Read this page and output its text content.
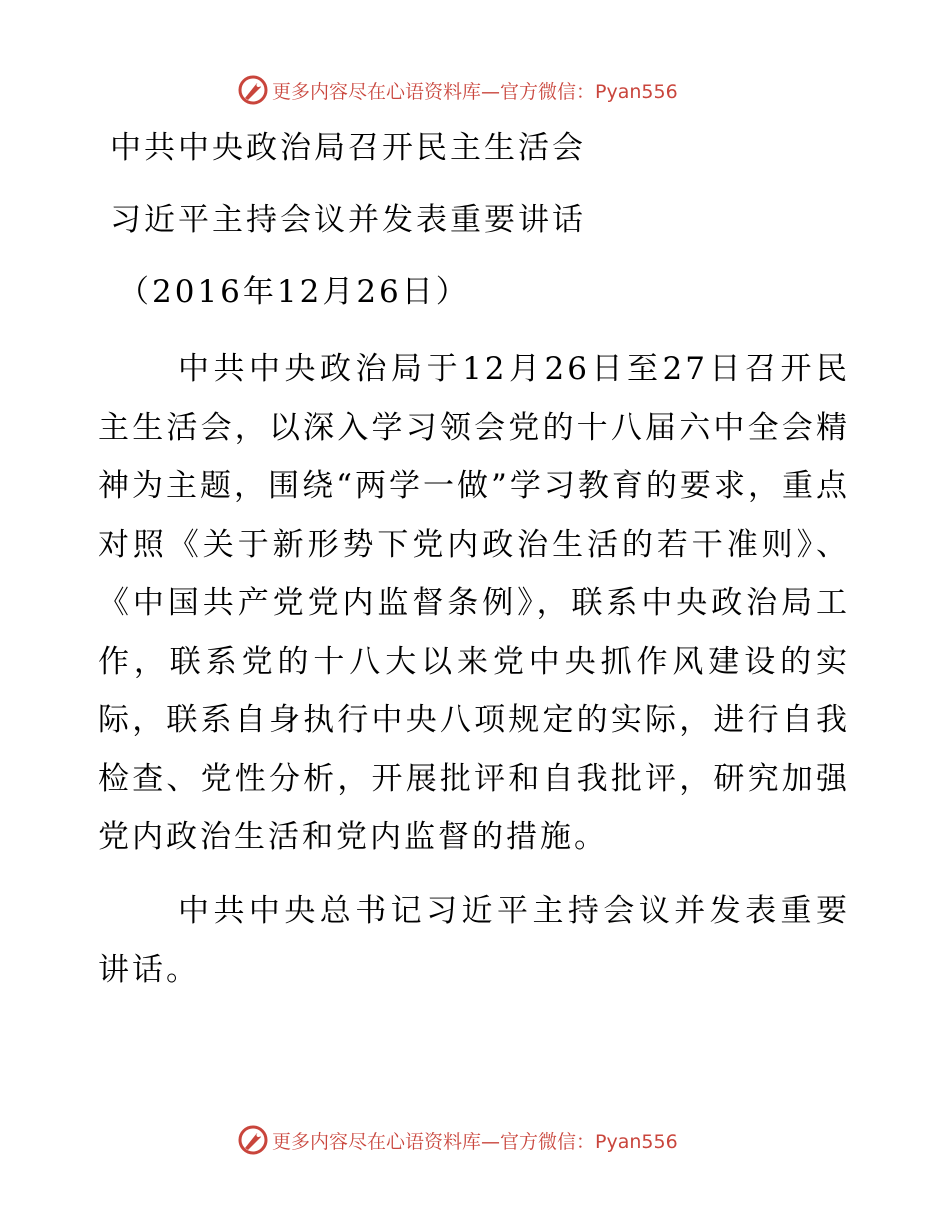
更多内容尽在心语资料库—官方微信：Pyan556
中共中央政治局召开民主生活会
习近平主持会议并发表重要讲话
（2016年12月26日）

中共中央政治局于12月26日至27日召开民主生活会，以深入学习领会党的十八届六中全会精神为主题，围绕“两学一做”学习教育的要求，重点对照《关于新形势下党内政治生活的若干准则》、《中国共产党党内监督条例》，联系中央政治局工作，联系党的十八大以来党中央抓作风建设的实际，联系自身执行中央八项规定的实际，进行自我检查、党性分析，开展批评和自我批评，研究加强党内政治生活和党内监督的措施。

中共中央总书记习近平主持会议并发表重要讲话。

更多内容尽在心语资料库—官方微信：Pyan556
